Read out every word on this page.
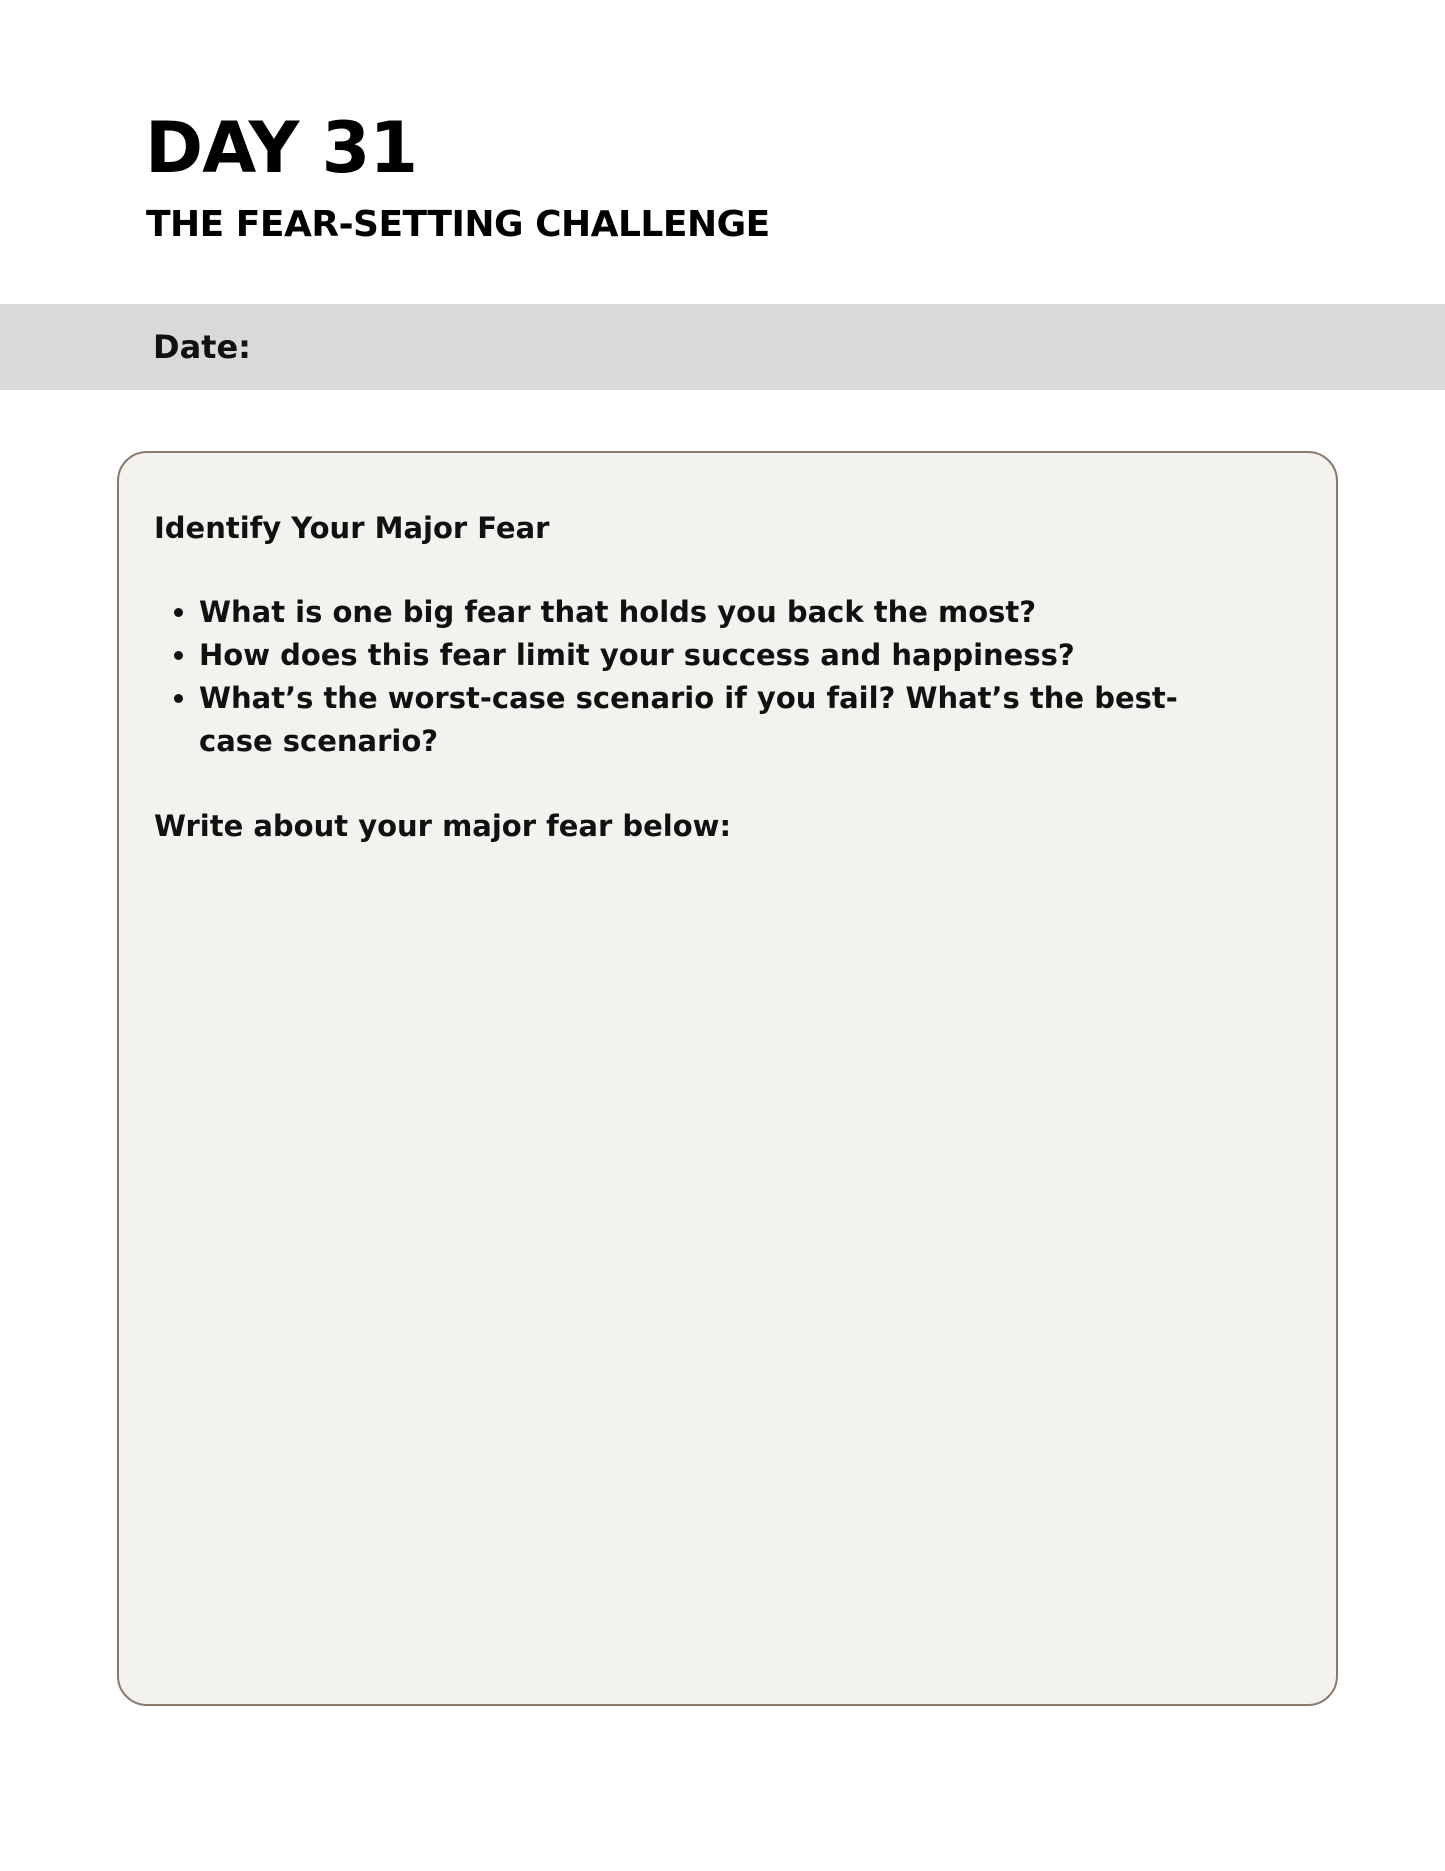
DAY 31
THE FEAR-SETTING CHALLENGE
Date:

Identify Your Major Fear

• What is one big fear that holds you back the most?
• How does this fear limit your success and happiness?
• What’s the worst-case scenario if you fail? What’s the best-case scenario?

Write about your major fear below:
